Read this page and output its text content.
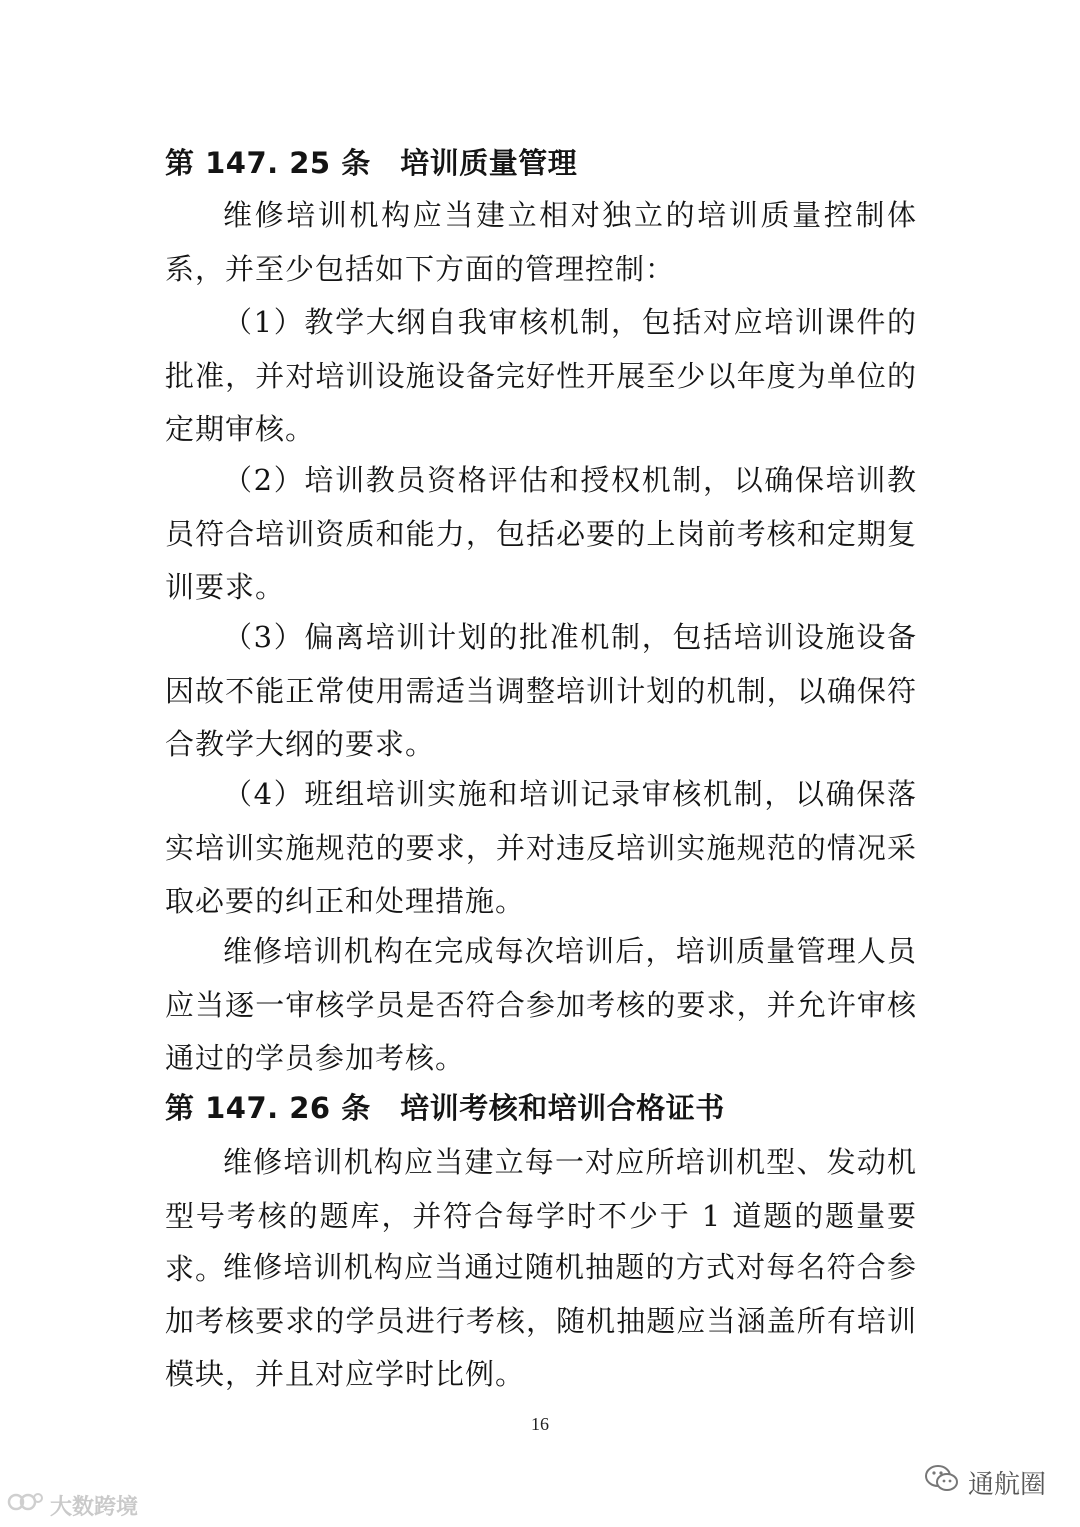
第 147. 25 条　培训质量管理
维修培训机构应当建立相对独立的培训质量控制体系，并至少包括如下方面的管理控制：
（1）教学大纲自我审核机制，包括对应培训课件的批准，并对培训设施设备完好性开展至少以年度为单位的定期审核。
（2）培训教员资格评估和授权机制，以确保培训教员符合培训资质和能力，包括必要的上岗前考核和定期复训要求。
（3）偏离培训计划的批准机制，包括培训设施设备因故不能正常使用需适当调整培训计划的机制，以确保符合教学大纲的要求。
（4）班组培训实施和培训记录审核机制，以确保落实培训实施规范的要求，并对违反培训实施规范的情况采取必要的纠正和处理措施。
维修培训机构在完成每次培训后，培训质量管理人员应当逐一审核学员是否符合参加考核的要求，并允许审核通过的学员参加考核。
第 147. 26 条　培训考核和培训合格证书
维修培训机构应当建立每一对应所培训机型、发动机型号考核的题库，并符合每学时不少于 1 道题的题量要求。
维修培训机构应当通过随机抽题的方式对每名符合参加考核要求的学员进行考核，随机抽题应当涵盖所有培训模块，并且对应学时比例。
16
大数跨境
通航圈
